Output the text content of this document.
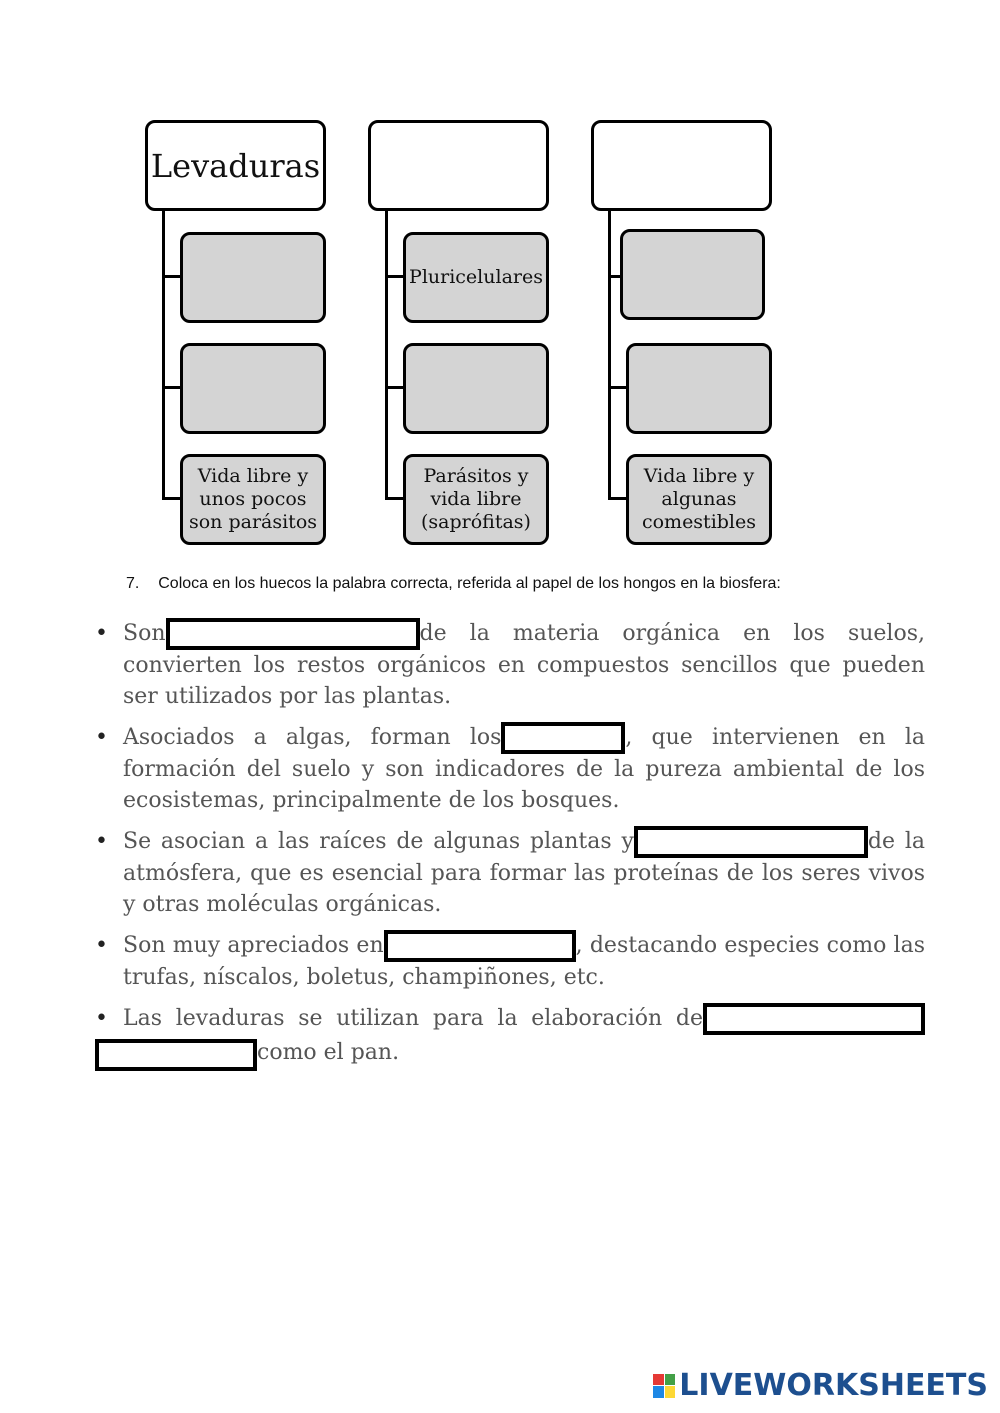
Levaduras
Vida libre y
unos pocos
son parásitos
Pluricelulares
Parásitos y
vida libre
(saprófitas)
Vida libre y
algunas
comestibles
7. Coloca en los huecos la palabra correcta, referida al papel de los hongos en la biosfera:
• Son	de la materia orgánica en los suelos, convierten los restos orgánicos en compuestos sencillos que pueden ser utilizados por las plantas.
• Asociados a algas, forman los	, que intervienen en la formación del suelo y son indicadores de la pureza ambiental de los ecosistemas, principalmente de los bosques.
• Se asocian a las raíces de algunas plantas y	de la atmósfera, que es esencial para formar las proteínas de los seres vivos y otras moléculas orgánicas.
• Son muy apreciados en	, destacando especies como las trufas, níscalos, boletus, champiñones, etc.
• Las levaduras se utilizan para la elaboración decomo el pan.
LIVEWORKSHEETS
